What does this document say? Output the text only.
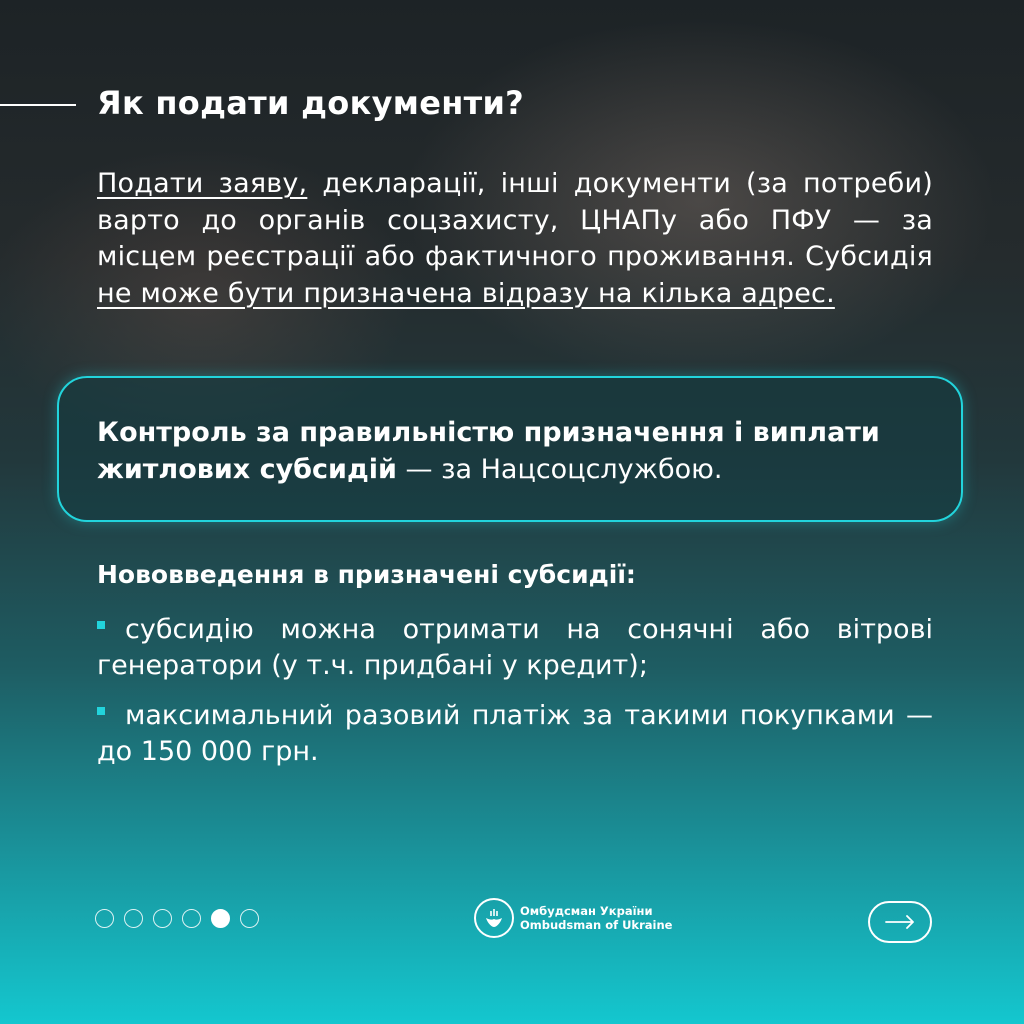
Як подати документи?
Подати заяву, декларації, інші документи (за потреби) варто до органів соцзахисту, ЦНАПу або ПФУ — за місцем реєстрації або фактичного проживання. Субсидія не може бути призначена відразу на кілька адрес.
Контроль за правильністю призначення і виплати житлових субсидій — за Нацсоцслужбою.
Нововведення в призначені субсидії:
субсидію можна отримати на сонячні або вітрові генератори (у т.ч. придбані у кредит);
максимальний разовий платіж за такими покупками — до 150 000 грн.
Омбудсман України
Ombudsman of Ukraine
